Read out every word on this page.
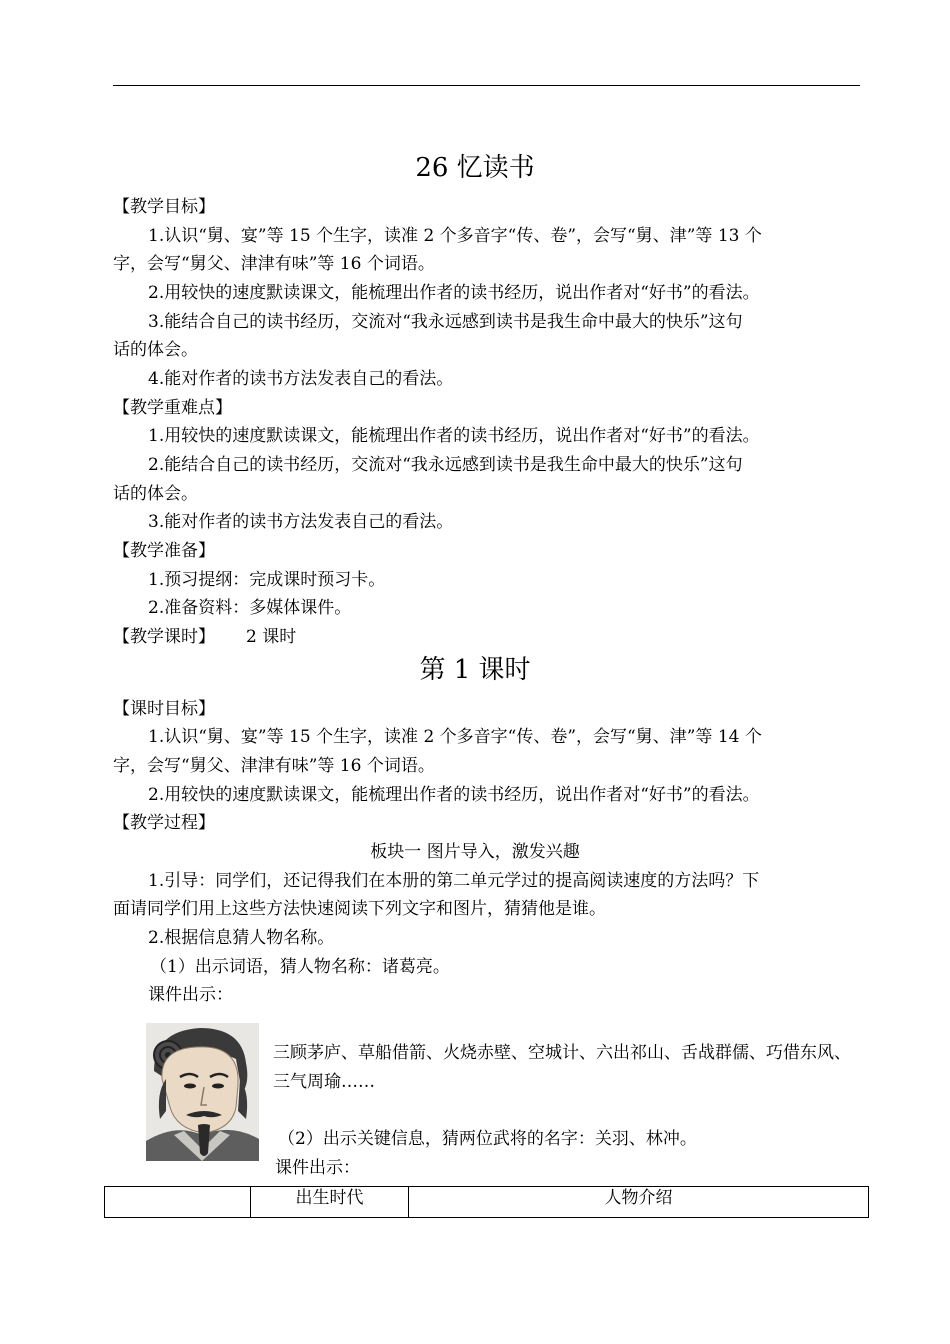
26 忆读书
【教学目标】
1.认识“舅、宴”等 15 个生字，读准 2 个多音字“传、卷”，会写“舅、津”等 13 个
字，会写“舅父、津津有味”等 16 个词语。
2.用较快的速度默读课文，能梳理出作者的读书经历，说出作者对“好书”的看法。
3.能结合自己的读书经历，交流对“我永远感到读书是我生命中最大的快乐”这句
话的体会。
4.能对作者的读书方法发表自己的看法。
【教学重难点】
1.用较快的速度默读课文，能梳理出作者的读书经历，说出作者对“好书”的看法。
2.能结合自己的读书经历，交流对“我永远感到读书是我生命中最大的快乐”这句
话的体会。
3.能对作者的读书方法发表自己的看法。
【教学准备】
1.预习提纲：完成课时预习卡。
2.准备资料：多媒体课件。
【教学课时】 2 课时
第 1 课时
【课时目标】
1.认识“舅、宴”等 15 个生字，读准 2 个多音字“传、卷”，会写“舅、津”等 14 个
字，会写“舅父、津津有味”等 16 个词语。
2.用较快的速度默读课文，能梳理出作者的读书经历，说出作者对“好书”的看法。
【教学过程】
板块一 图片导入，激发兴趣
1.引导：同学们，还记得我们在本册的第二单元学过的提高阅读速度的方法吗？下
面请同学们用上这些方法快速阅读下列文字和图片，猜猜他是谁。
2.根据信息猜人物名称。
（1）出示词语，猜人物名称：诸葛亮。
课件出示：
三顾茅庐、草船借箭、火烧赤壁、空城计、六出祁山、舌战群儒、巧借东风、
三气周瑜……
（2）出示关键信息，猜两位武将的名字：关羽、林冲。
课件出示：
	出生时代	人物介绍
